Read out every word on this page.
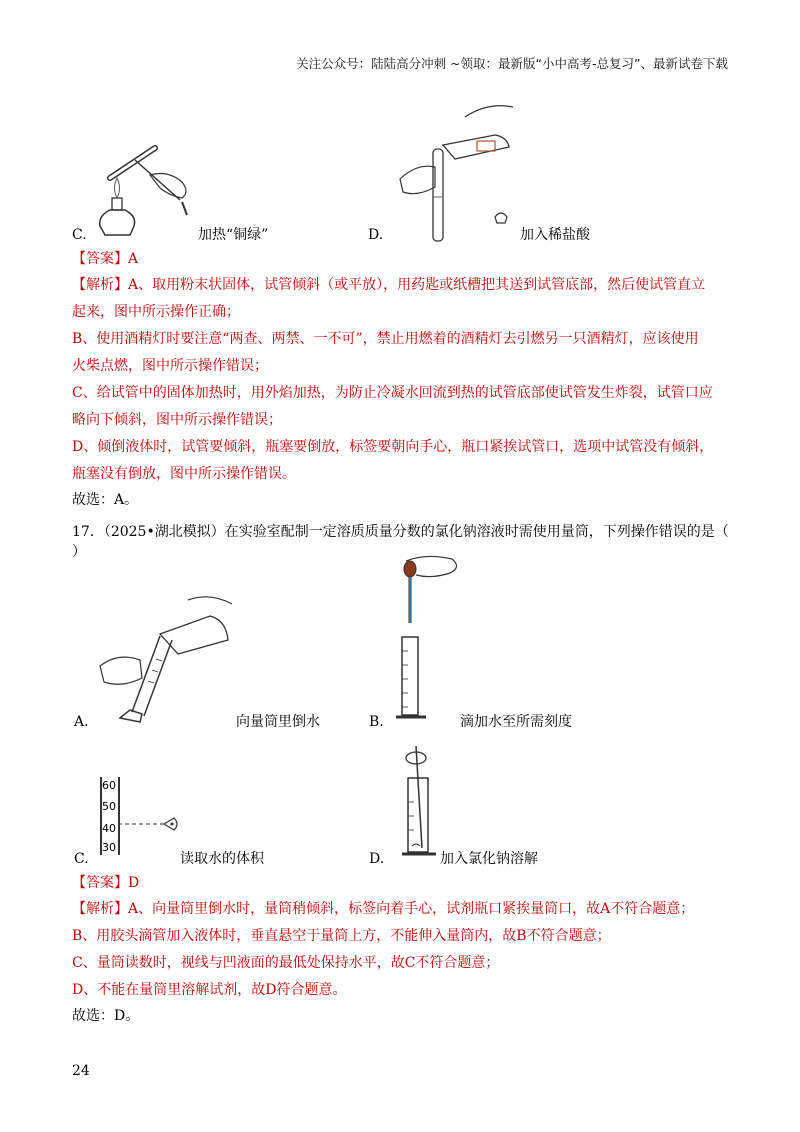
关注公众号：陆陆高分冲刺 ~领取：最新版“小中高考-总复习”、最新试卷下载
C.	加热“铜绿”	D.	加入稀盐酸
【答案】A
【解析】A、取用粉末状固体，试管倾斜（或平放），用药匙或纸槽把其送到试管底部，然后使试管直立
起来，图中所示操作正确；
B、使用酒精灯时要注意“两查、两禁、一不可”，禁止用燃着的酒精灯去引燃另一只酒精灯，应该使用
火柴点燃，图中所示操作错误；
C、给试管中的固体加热时，用外焰加热，为防止冷凝水回流到热的试管底部使试管发生炸裂，试管口应
略向下倾斜，图中所示操作错误；
D、倾倒液体时，试管要倾斜，瓶塞要倒放，标签要朝向手心，瓶口紧挨试管口，选项中试管没有倾斜，
瓶塞没有倒放，图中所示操作错误。
故选：A。
17．（2025•湖北模拟）在实验室配制一定溶质质量分数的氯化钠溶液时需使用量筒，下列操作错误的是（
）
A.	向量筒里倒水	B.	滴加水至所需刻度
60
50
40
30
C.	读取水的体积	D.	加入氯化钠溶解
【答案】D
【解析】A、向量筒里倒水时，量筒稍倾斜，标签向着手心，试剂瓶口紧挨量筒口，故A不符合题意；
B、用胶头滴管加入液体时，垂直悬空于量筒上方，不能伸入量筒内，故B不符合题意；
C、量筒读数时，视线与凹液面的最低处保持水平，故C不符合题意；
D、不能在量筒里溶解试剂，故D符合题意。
故选：D。
24
